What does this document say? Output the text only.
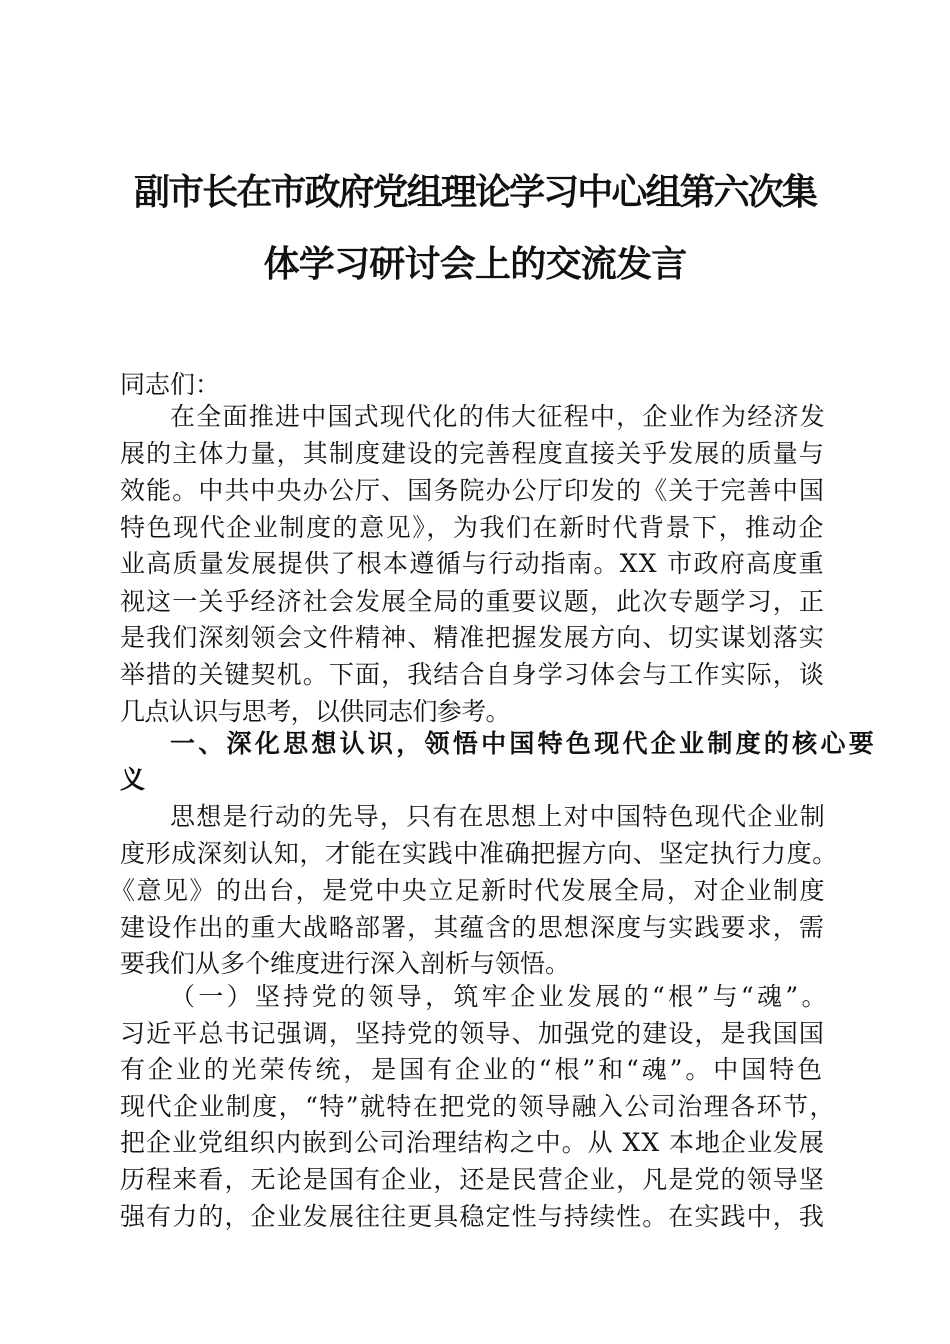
副市长在市政府党组理论学习中心组第六次集
体学习研讨会上的交流发言
同志们：
在全面推进中国式现代化的伟大征程中，企业作为经济发
展的主体力量，其制度建设的完善程度直接关乎发展的质量与
效能。中共中央办公厅、国务院办公厅印发的《关于完善中国
特色现代企业制度的意见》，为我们在新时代背景下，推动企
业高质量发展提供了根本遵循与行动指南。XX 市政府高度重
视这一关乎经济社会发展全局的重要议题，此次专题学习，正
是我们深刻领会文件精神、精准把握发展方向、切实谋划落实
举措的关键契机。下面，我结合自身学习体会与工作实际，谈
几点认识与思考，以供同志们参考。
一、深化思想认识，领悟中国特色现代企业制度的核心要
义
思想是行动的先导，只有在思想上对中国特色现代企业制
度形成深刻认知，才能在实践中准确把握方向、坚定执行力度。
《意见》的出台，是党中央立足新时代发展全局，对企业制度
建设作出的重大战略部署，其蕴含的思想深度与实践要求，需
要我们从多个维度进行深入剖析与领悟。
（一）坚持党的领导，筑牢企业发展的“根”与“魂”。
习近平总书记强调，坚持党的领导、加强党的建设，是我国国
有企业的光荣传统，是国有企业的“根”和“魂”。中国特色
现代企业制度，“特”就特在把党的领导融入公司治理各环节，
把企业党组织内嵌到公司治理结构之中。从 XX 本地企业发展
历程来看，无论是国有企业，还是民营企业，凡是党的领导坚
强有力的，企业发展往往更具稳定性与持续性。在实践中，我
